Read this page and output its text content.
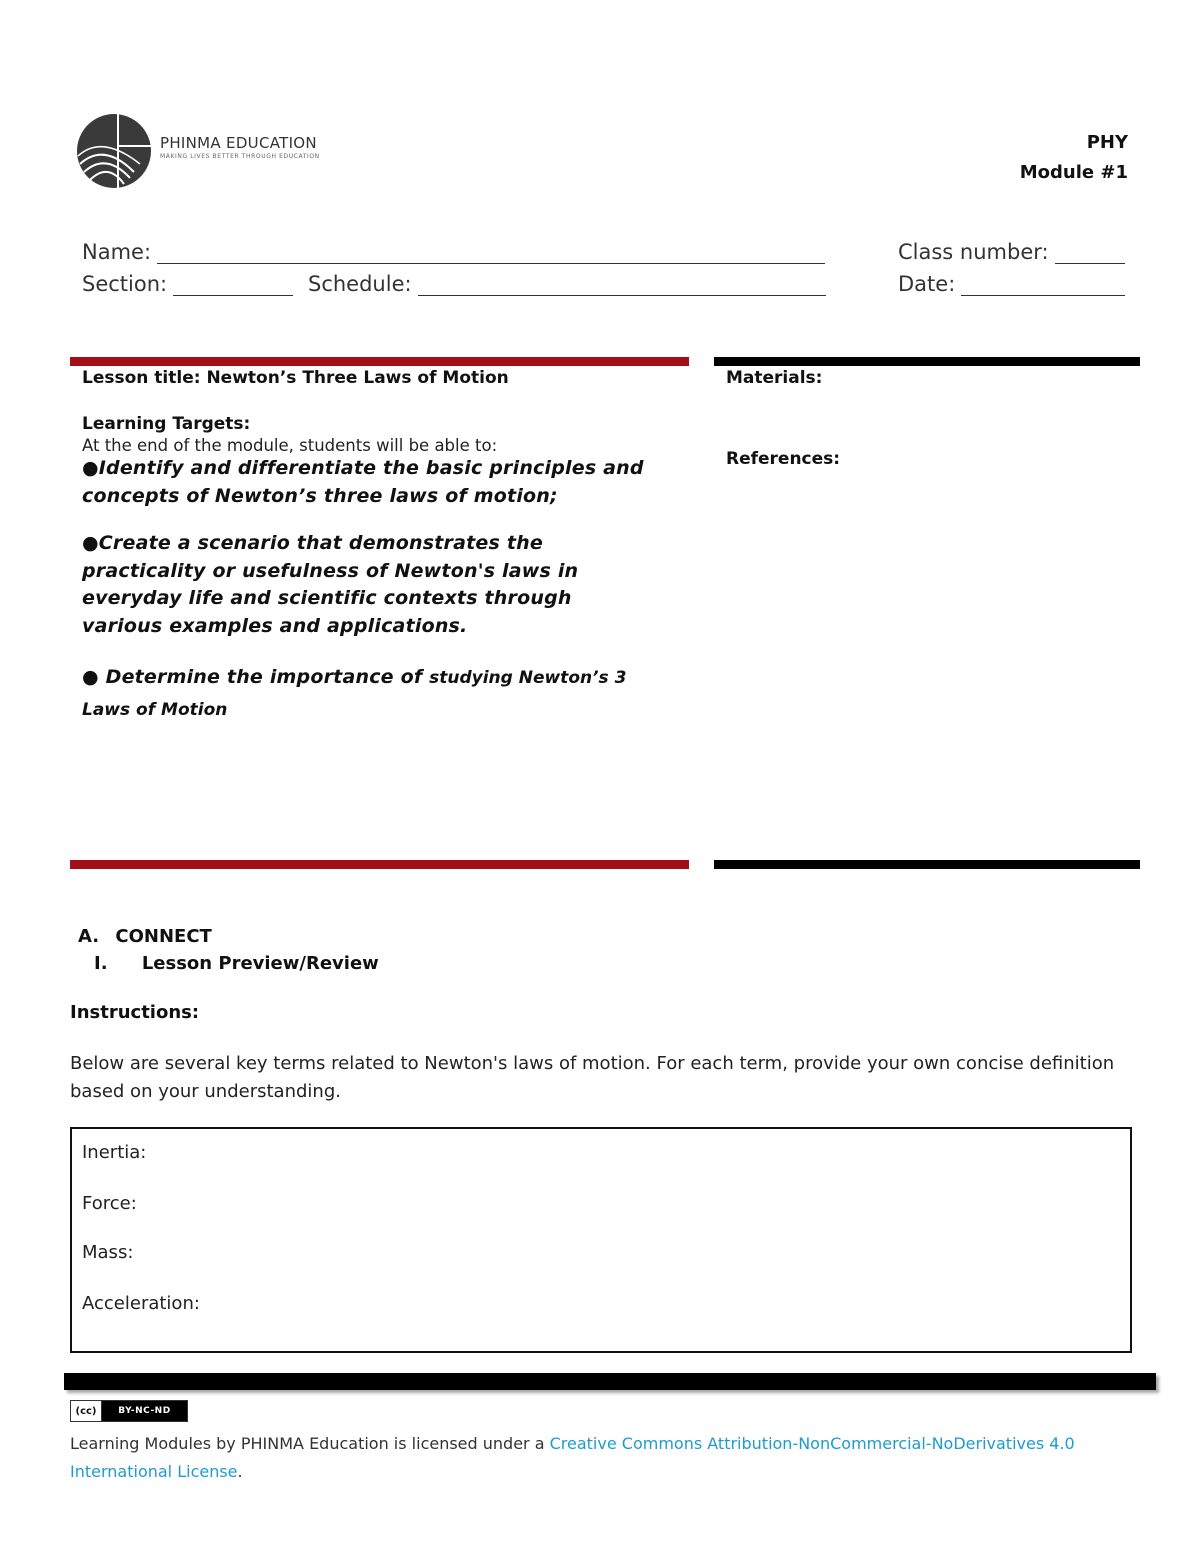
PHINMA EDUCATION
MAKING LIVES BETTER THROUGH EDUCATION
PHY
Module #1
Name:	Class number:
Section:	Schedule:	Date:
Lesson title: Newton’s Three Laws of Motion
Learning Targets:
At the end of the module, students will be able to:
●Identify and differentiate the basic principles and concepts of Newton’s three laws of motion;
●Create a scenario that demonstrates the practicality or usefulness of Newton's laws in everyday life and scientific contexts through various examples and applications.
● Determine the importance of studying Newton’s 3 Laws of Motion
Materials:
References:
A. CONNECT
I. Lesson Preview/Review
Instructions:
Below are several key terms related to Newton's laws of motion. For each term, provide your own concise definition based on your understanding.
Inertia:
Force:
Mass:
Acceleration:
(cc)	BY-NC-ND
Learning Modules by PHINMA Education is licensed under a Creative Commons Attribution-NonCommercial-NoDerivatives 4.0 International License.
